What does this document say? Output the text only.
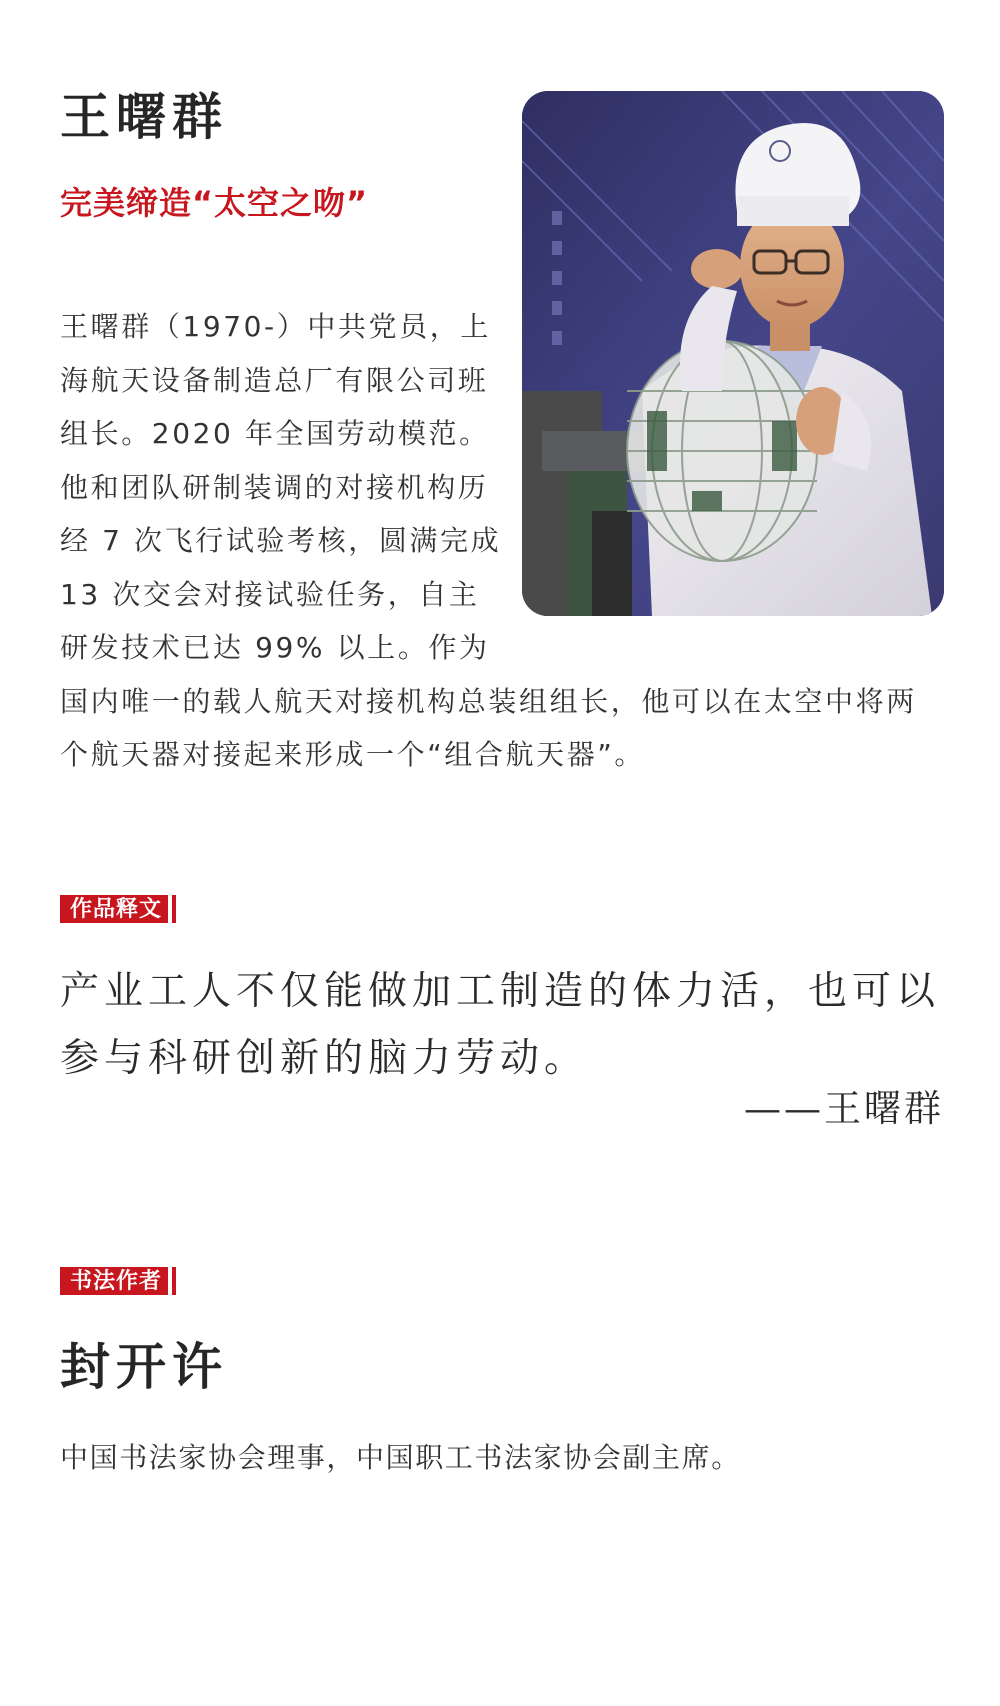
王曙群
完美缔造“太空之吻”
王曙群（1970-）中共党员，上海航天设备制造总厂有限公司班组长。2020 年全国劳动模范。他和团队研制装调的对接机构历经 7 次飞行试验考核，圆满完成 13 次交会对接试验任务，自主研发技术已达 99% 以上。作为国内唯一的载人航天对接机构总装组组长，他可以在太空中将两个航天器对接起来形成一个“组合航天器”。
作品释文
产业工人不仅能做加工制造的体力活，也可以参与科研创新的脑力劳动。
——王曙群
书法作者
封开许
中国书法家协会理事，中国职工书法家协会副主席。
